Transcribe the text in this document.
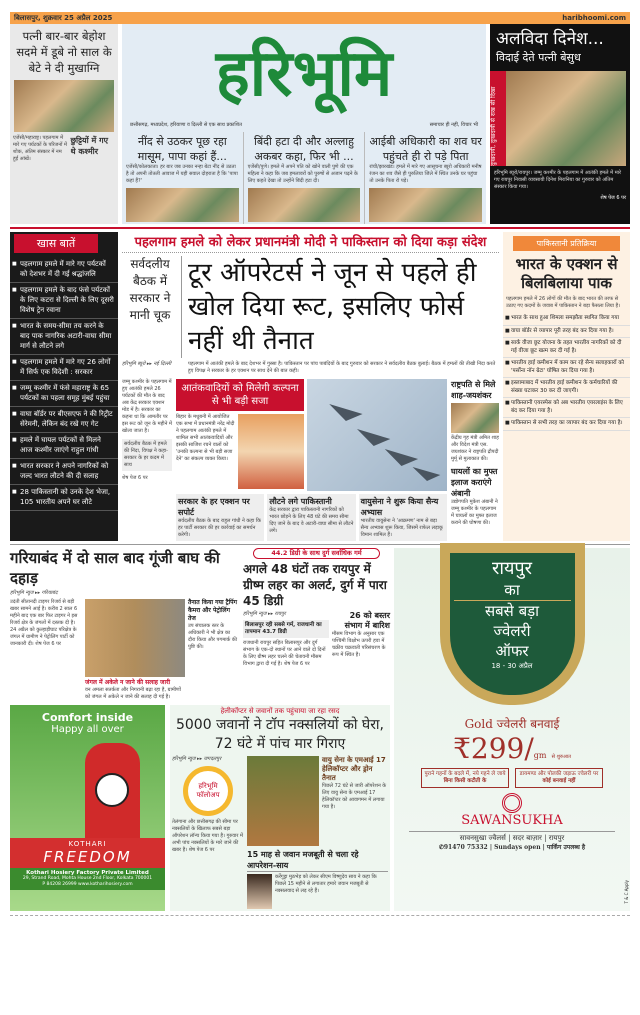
बिलासपुर, शुक्रवार 25 अप्रैल 2025	haribhoomi.com
पत्नी बार-बार बेहोश सदमे में डूबे नो साल के बेटे ने दी मुखाग्नि
एजेंसी/महाराष्ट्र। पहलगाम में मारे गए पर्यटकों के परिजनों में शोक, अंतिम संस्कार में नम हुईं आंखें।
छुट्टियों में गए थे कश्मीर
हरिभूमि
छत्तीसगढ़, मध्यप्रदेश, हरियाणा व दिल्ली से एक साथ प्रकाशित	समाचार ही नहीं, विचार भी
नींद से उठकर पूछ रहा मासूम, पापा कहां हैं...
एजेंसी/कोलकाता। हर बार जब उनका नन्हा बेटा नींद से उठता है तो अपनी तोतली आवाज में यही सवाल दोहराता है कि 'पापा कहां हैं?'
बिंदी हटा दी और अल्लाहु अकबर कहा, फिर भी ...
एजेंसी/पुणे। हमले में अपने पति को खोने वाली पुणे की एक महिला ने कहा कि जब हमलावरों को पुरुषों से अजान पढ़ने के लिए कहते देखा तो उन्होंने बिंदी हटा दी।
आईबी अधिकारी का शव घर पहुंचते ही रो पड़े पिता
रांची/झारखंड। हमले में मारे गए आसूचना ब्यूरो अधिकारी मनीष रंजन का शव जैसे ही पुरुलिया जिले में स्थित उनके घर पहुंचा तो उनके पिता रो पड़े।
अलविदा दिनेश...
विदाई देते पत्नी बेसुध
दुःखदायी, दुःखदायी से राख सी दिखा
हरिभूमि ब्यूरो/रायपुर। जम्मू कश्मीर के पहलगाम में आतंकी हमले में मारे गए रायपुर निवासी व्यवसायी दिनेश मिरानिया का गुरुवार को अंतिम संस्कार किया गया।
शेष पेज 6 पर
खास बातें
■ पहलगाम हमले में मारे गए पर्यटकों को देशभर में दी गई श्रद्धांजलि
■ पहलगाम हमले के बाद फंसे पर्यटकों के लिए कटरा से दिल्ली के लिए दूसरी विशेष ट्रेन रवाना
■ भारत के समय-सीमा तय करने के बाद पाक नागरिक अटारी-वाघा सीमा मार्ग से लौटने लगे
■ पहलगाम हमले में मारे गए 26 लोगों में सिर्फ एक विदेशी : सरकार
■ जम्मू कश्मीर में फंसे महाराष्ट्र के 65 पर्यटकों का पहला समूह मुंबई पहुंचा
■ वाघा बॉर्डर पर बीएसएफ ने की रिट्रीट सेरेमनी, लेकिन बंद रखे गए गेट
■ हमले में घायल पर्यटकों से मिलने आज कश्मीर जाएंगे राहुल गांधी
■ भारत सरकार ने अपने नागरिकों को जल्द भारत लौटने की दी सलाह
■ 28 पाकिस्तानी को उनके देश भेजा, 105 भारतीय अपने घर लौटे
पहलगाम हमले को लेकर प्रधानमंत्री मोदी ने पाकिस्तान को दिया कड़ा संदेश
सर्वदलीय बैठक में सरकार ने मानी चूक
टूर ऑपरेटर्स ने जून से पहले ही खोल दिया रूट, इसलिए फोर्स नहीं थी तैनात
हरिभूमि ब्यूरो ▸▸ नई दिल्ली	पहलगाम में आतंकी हमले के बाद देशभर में गुस्सा है। पाकिस्तान पर पांच पाबंदियों के बाद गुरुवार को सरकार ने सर्वदलीय बैठक बुलाई। बैठक में हमलों की तीखी निंदा करते हुए विपक्ष ने सरकार के हर एक्शन पर साथ देने की बात कही।
जम्मू कश्मीर के पहलगाम में हुए आतंकी हमले 26 पर्यटकों की मौत के बाद अब केंद्र सरकार एक्शन मोड में है। सरकार का कहना था कि आमतौर पर इस रूट को जून के महीने में खोला जाता है।
सर्वदलीय बैठक में हमले की निंदा, विपक्ष ने कहा- सरकार के हर कदम में साथ
शेष पेज 6 पर
आतंकवादियों को मिलेगी कल्पना से भी बड़ी सजा
बिहार के मधुबनी में आयोजित एक सभा में प्रधानमंत्री नरेंद्र मोदी ने पहलगाम आतंकी हमले में शामिल सभी आतंकवादियों और इसकी साजिश रचने वालों को 'उनकी कल्पना से भी बड़ी सजा देने' का संकल्प व्यक्त किया।
सरकार के हर एक्शन पर सपोर्ट
सर्वदलीय बैठक के बाद राहुल गांधी ने कहा कि हर पार्टी सरकार की हर कार्रवाई का समर्थन करेगी।
लौटने लगे पाकिस्तानी
केंद्र सरकार द्वारा पाकिस्तानी नागरिकों को भारत छोड़ने के लिए 48 घंटे की समय सीमा दिए जाने के बाद वे अटारी-वाघा सीमा से लौटने लगे।
वायुसेना ने शुरू किया सैन्य अभ्यास
भारतीय वायुसेना ने 'आक्रमण' नाम से बड़ा सैन्य अभ्यास शुरू किया, जिसमें राफेल लड़ाकू विमान शामिल हैं।
राष्ट्रपति से मिले शाह-जयशंकर
केंद्रीय गृह मंत्री अमित शाह और विदेश मंत्री एस. जयशंकर ने राष्ट्रपति द्रौपदी मुर्मू से मुलाकात की।
घायलों का मुफ्त इलाज कराएंगे अंबानी
उद्योगपति मुकेश अंबानी ने जम्मू कश्मीर के पहलगाम में घायलों का मुफ्त इलाज कराने की घोषणा की।
पाकिस्तानी प्रतिक्रिया
भारत के एक्शन से बिलबिलाया पाक
पहलगाम हमले में 26 लोगों की मौत के बाद भारत की तरफ से उठाए गए कदमों के जवाब में पाकिस्तान ने बड़ा फैसला लिया है।
■ भारत के साथ हुआ शिमला समझौता स्थगित किया गया
■ वाघा बॉर्डर से व्यापार पूरी तरह बंद कर दिया गया है।
■ सार्क वीजा छूट योजना के तहत भारतीय नागरिकों को दी गई वीजा छूट खत्म कर दी गई है।
■ भारतीय हाई कमीशन में काम कर रहे सैन्य सलाहकारों को 'पर्सोना नॉन ग्रेटा' घोषित कर दिया गया है।
■ इस्लामाबाद में भारतीय हाई कमीशन के कर्मचारियों की संख्या घटाकर 30 कर दी जाएगी।
■ पाकिस्तानी एयरस्पेस को अब भारतीय एयरलाइंस के लिए बंद कर दिया गया है।
■ पाकिस्तान से सभी तरह का व्यापार बंद कर दिया गया है।
गरियाबंद में दो साल बाद गूंजी बाघ की दहाड़
हरिभूमि न्यूज ▸▸ गरियाबंद
उदंती सीतानदी टाइगर रिजर्व से बड़ी खबर सामने आई है। करीब 2 साल 6 महीने बाद एक बार फिर टाइगर ने इस रिजर्व क्षेत्र के जंगलों में दस्तक दी है। 24 अप्रैल को कुल्हाड़ीघाट परिक्षेत्र के जंगल में ग्रामीण ने पेट्रोलिंग पार्टी को जानकारी दी। शेष पेज 6 पर
जंगल में अकेले न जाने की सलाह जारी
वन अमला सतर्कता और निगरानी बढ़ा रहा है, ग्रामीणों को जंगल में अकेले न जाने की सलाह दी गई है।
तैनात किया गया ट्रैपिंग कैमरा और पेट्रोलिंग तेज
उप संचालक स्तर के अधिकारी ने भी क्षेत्र का दौरा किया और पगमार्क की पुष्टि की।
44.2 डिग्री के साथ दुर्ग सर्वाधिक गर्म
अगले 48 घंटों तक रायपुर में ग्रीष्म लहर का अलर्ट, दुर्ग में पारा 45 डिग्री
हरिभूमि न्यूज ▸▸ रायपुर
बिलासपुर रही सबसे गर्म, राजधानी का तापमान 43.7 डिग्री
राजधानी रायपुर सहित बिलासपुर और दुर्ग संभाग के एक-दो स्थानों पर आने वाले दो दिनों के लिए ग्रीष्म लहर चलने की चेतावनी मौसम विभाग द्वारा दी गई है। शेष पेज 6 पर
26 को बस्तर संभाग में बारिश
मौसम विभाग के अनुसार एक पश्चिमी विक्षोभ ऊपरी हवा में चक्रीय चक्रवाती परिसंचरण के रूप में स्थित है।
Comfort inside
Happy all over
KOTHARI
FREEDOM
Kothari Hosiery Factory Private Limited
29, Strand Road, Mohta House 2nd Floor, Kolkata 700001
P 84208 26999 www.kotharihosiery.com
हेलीकॉप्टर से जवानों तक पहुंचाया जा रहा रसद
5000 जवानों ने टॉप नक्सलियों को घेरा, 72 घंटे में पांच मार गिराए
हरिभूमि न्यूज ▸▸ जगदलपुर
हरिभूमि फॉलोअप
तेलंगाना और छत्तीसगढ़ की सीमा पर नक्सलियों के खिलाफ सबसे बड़ा ऑपरेशन लॉन्च किया गया है। गुरुवार में अभी पांच नक्सलियों के मारे जाने की खबर है। शेष पेज 6 पर
वायु सेना के एमआई 17 हेलिकॉप्टर और ड्रोन तैनात
पिछले 72 घंटे से जारी ऑपरेशन के लिए वायु सेना के एमआई 17 हेलिकॉप्टर को आवागमन में लगाया गया है।
15 माह से जवान मजबूती से चला रहे आपरेशन-साय
कर्रेगुट्टा मुठभेड़ को लेकर सीएम विष्णुदेव साय ने कहा कि पिछले 15 महीने से लगातार हमारे जवान मजबूती से नक्सलवाद से लड़ रहे हैं।
रायपुर
का
सबसे बड़ा
ज्वेलरी
ऑफर
18 - 30 अप्रैल
Gold ज्वेलरी बनवाई
₹299/gm से शुरुआत
पुराने गहनों के बदले में, नये गहने ले जाये
बिना किसी कटौती के
डायमण्ड और पोलकी जड़ाऊ ज्वेलरी पर
कोई बनवाई नहीं
SAWANSUKHA
सावनसुखा ज्वैलर्स | सदर बाज़ार | रायपुर
✆91470 75332 | Sundays open | पार्किंग उपलब्ध है
T & C Apply
